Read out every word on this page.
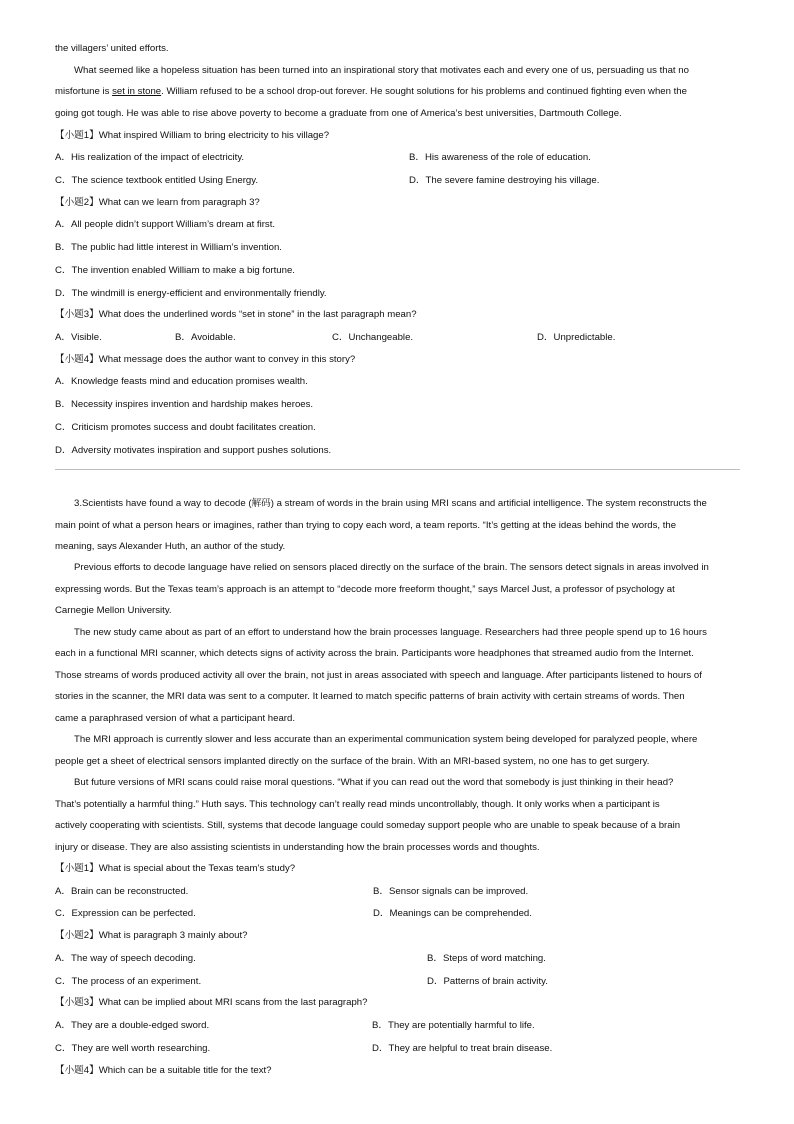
the villagers’ united efforts.
What seemed like a hopeless situation has been turned into an inspirational story that motivates each and every one of us, persuading us that no
misfortune is set in stone. William refused to be a school drop-out forever. He sought solutions for his problems and continued fighting even when the
going got tough. He was able to rise above poverty to become a graduate from one of America’s best universities, Dartmouth College.
【小题1】What inspired William to bring electricity to his village?
A．His realization of the impact of electricity.	B．His awareness of the role of education.
C．The science textbook entitled Using Energy.	D．The severe famine destroying his village.
【小题2】What can we learn from paragraph 3?
A．All people didn’t support William’s dream at first.
B．The public had little interest in William’s invention.
C．The invention enabled William to make a big fortune.
D．The windmill is energy-efficient and environmentally friendly.
【小题3】What does the underlined words “set in stone” in the last paragraph mean?
A．Visible.	B．Avoidable.	C．Unchangeable.	D．Unpredictable.
【小题4】What message does the author want to convey in this story?
A．Knowledge feasts mind and education promises wealth.
B．Necessity inspires invention and hardship makes heroes.
C．Criticism promotes success and doubt facilitates creation.
D．Adversity motivates inspiration and support pushes solutions.
3.Scientists have found a way to decode (解码) a stream of words in the brain using MRI scans and artificial intelligence. The system reconstructs the
main point of what a person hears or imagines, rather than trying to copy each word, a team reports. “It’s getting at the ideas behind the words, the
meaning, says Alexander Huth, an author of the study.
Previous efforts to decode language have relied on sensors placed directly on the surface of the brain. The sensors detect signals in areas involved in
expressing words. But the Texas team’s approach is an attempt to “decode more freeform thought,” says Marcel Just, a professor of psychology at
Carnegie Mellon University.
The new study came about as part of an effort to understand how the brain processes language. Researchers had three people spend up to 16 hours
each in a functional MRI scanner, which detects signs of activity across the brain. Participants wore headphones that streamed audio from the Internet.
Those streams of words produced activity all over the brain, not just in areas associated with speech and language. After participants listened to hours of
stories in the scanner, the MRI data was sent to a computer. It learned to match specific patterns of brain activity with certain streams of words. Then
came a paraphrased version of what a participant heard.
The MRI approach is currently slower and less accurate than an experimental communication system being developed for paralyzed people, where
people get a sheet of electrical sensors implanted directly on the surface of the brain. With an MRI-based system, no one has to get surgery.
But future versions of MRI scans could raise moral questions. “What if you can read out the word that somebody is just thinking in their head?
That’s potentially a harmful thing.” Huth says. This technology can’t really read minds uncontrollably, though. It only works when a participant is
actively cooperating with scientists. Still, systems that decode language could someday support people who are unable to speak because of a brain
injury or disease. They are also assisting scientists in understanding how the brain processes words and thoughts.
【小题1】What is special about the Texas team’s study?
A．Brain can be reconstructed.	B．Sensor signals can be improved.
C．Expression can be perfected.	D．Meanings can be comprehended.
【小题2】What is paragraph 3 mainly about?
A．The way of speech decoding.	B．Steps of word matching.
C．The process of an experiment.	D．Patterns of brain activity.
【小题3】What can be implied about MRI scans from the last paragraph?
A．They are a double-edged sword.	B．They are potentially harmful to life.
C．They are well worth researching.	D．They are helpful to treat brain disease.
【小题4】Which can be a suitable title for the text?
